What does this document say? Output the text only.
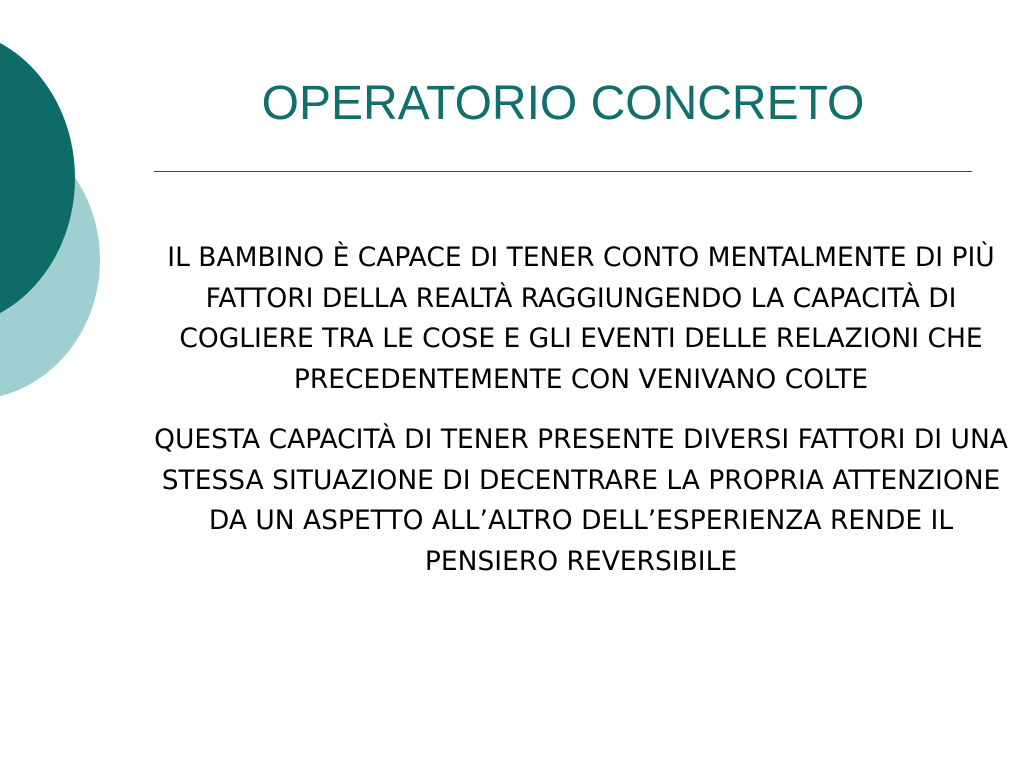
OPERATORIO CONCRETO

IL BAMBINO È CAPACE DI TENER CONTO MENTALMENTE DI PIÙ FATTORI DELLA REALTÀ RAGGIUNGENDO LA CAPACITÀ DI COGLIERE TRA LE COSE E GLI EVENTI DELLE RELAZIONI CHE PRECEDENTEMENTE CON VENIVANO COLTE

QUESTA CAPACITÀ DI TENER PRESENTE DIVERSI FATTORI DI UNA STESSA SITUAZIONE DI DECENTRARE LA PROPRIA ATTENZIONE DA UN ASPETTO ALL’ALTRO DELL’ESPERIENZA RENDE IL PENSIERO REVERSIBILE
